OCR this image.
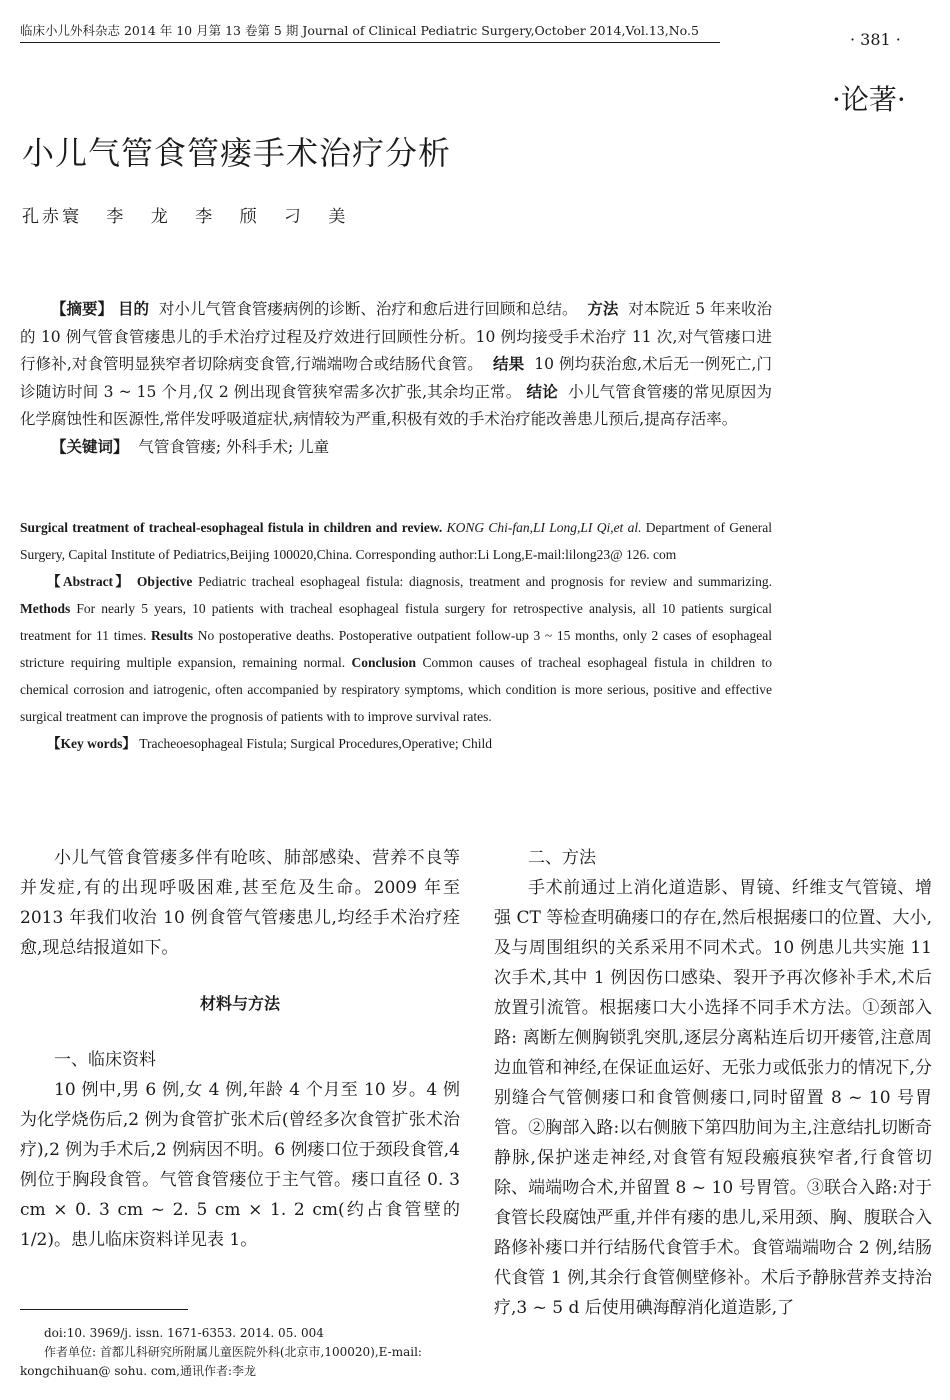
临床小儿外科杂志 2014 年 10 月第 13 卷第 5 期 Journal of Clinical Pediatric Surgery,October 2014,Vol.13,No.5	· 381 ·
·论著·
小儿气管食管瘘手术治疗分析
孔赤寰 李 龙 李 颀 刁 美

【摘要】 目的 对小儿气管食管瘘病例的诊断、治疗和愈后进行回顾和总结。 方法 对本院近 5 年来收治的 10 例气管食管瘘患儿的手术治疗过程及疗效进行回顾性分析。10 例均接受手术治疗 11 次,对气管瘘口进行修补,对食管明显狭窄者切除病变食管,行端端吻合或结肠代食管。 结果 10 例均获治愈,术后无一例死亡,门诊随访时间 3 ~ 15 个月,仅 2 例出现食管狭窄需多次扩张,其余均正常。 结论 小儿气管食管瘘的常见原因为化学腐蚀性和医源性,常伴发呼吸道症状,病情较为严重,积极有效的手术治疗能改善患儿预后,提高存活率。

【关键词】 气管食管瘘; 外科手术; 儿童

Surgical treatment of tracheal-esophageal fistula in children and review. KONG Chi-fan,LI Long,LI Qi,et al. Department of General Surgery, Capital Institute of Pediatrics,Beijing 100020,China. Corresponding author:Li Long,E-mail:lilong23@ 126. com

【Abstract】 Objective Pediatric tracheal esophageal fistula: diagnosis, treatment and prognosis for review and summarizing. Methods For nearly 5 years, 10 patients with tracheal esophageal fistula surgery for retrospective analysis, all 10 patients surgical treatment for 11 times. Results No postoperative deaths. Postoperative outpatient follow-up 3 ~ 15 months, only 2 cases of esophageal stricture requiring multiple expansion, remaining normal. Conclusion Common causes of tracheal esophageal fistula in children to chemical corrosion and iatrogenic, often accompanied by respiratory symptoms, which condition is more serious, positive and effective surgical treatment can improve the prognosis of patients with to improve survival rates.

【Key words】 Tracheoesophageal Fistula; Surgical Procedures,Operative; Child

小儿气管食管瘘多伴有呛咳、肺部感染、营养不良等并发症,有的出现呼吸困难,甚至危及生命。2009 年至 2013 年我们收治 10 例食管气管瘘患儿,均经手术治疗痊愈,现总结报道如下。

材料与方法

一、临床资料

10 例中,男 6 例,女 4 例,年龄 4 个月至 10 岁。4 例为化学烧伤后,2 例为食管扩张术后(曾经多次食管扩张术治疗),2 例为手术后,2 例病因不明。6 例瘘口位于颈段食管,4 例位于胸段食管。气管食管瘘位于主气管。瘘口直径 0. 3 cm × 0. 3 cm ~ 2. 5 cm × 1. 2 cm(约占食管壁的 1/2)。患儿临床资料详见表 1。

二、方法

手术前通过上消化道造影、胃镜、纤维支气管镜、增强 CT 等检查明确瘘口的存在,然后根据瘘口的位置、大小,及与周围组织的关系采用不同术式。10 例患儿共实施 11 次手术,其中 1 例因伤口感染、裂开予再次修补手术,术后放置引流管。根据瘘口大小选择不同手术方法。①颈部入路: 离断左侧胸锁乳突肌,逐层分离粘连后切开瘘管,注意周边血管和神经,在保证血运好、无张力或低张力的情况下,分别缝合气管侧瘘口和食管侧瘘口,同时留置 8 ~ 10 号胃管。②胸部入路:以右侧腋下第四肋间为主,注意结扎切断奇静脉,保护迷走神经,对食管有短段瘢痕狭窄者,行食管切除、端端吻合术,并留置 8 ~ 10 号胃管。③联合入路:对于食管长段腐蚀严重,并伴有瘘的患儿,采用颈、胸、腹联合入路修补瘘口并行结肠代食管手术。食管端端吻合 2 例,结肠代食管 1 例,其余行食管侧壁修补。术后予静脉营养支持治疗,3 ~ 5 d 后使用碘海醇消化道造影,了

doi:10. 3969/j. issn. 1671-6353. 2014. 05. 004

作者单位: 首都儿科研究所附属儿童医院外科(北京市,100020),E-mail: kongchihuan@ sohu. com,通讯作者:李龙
